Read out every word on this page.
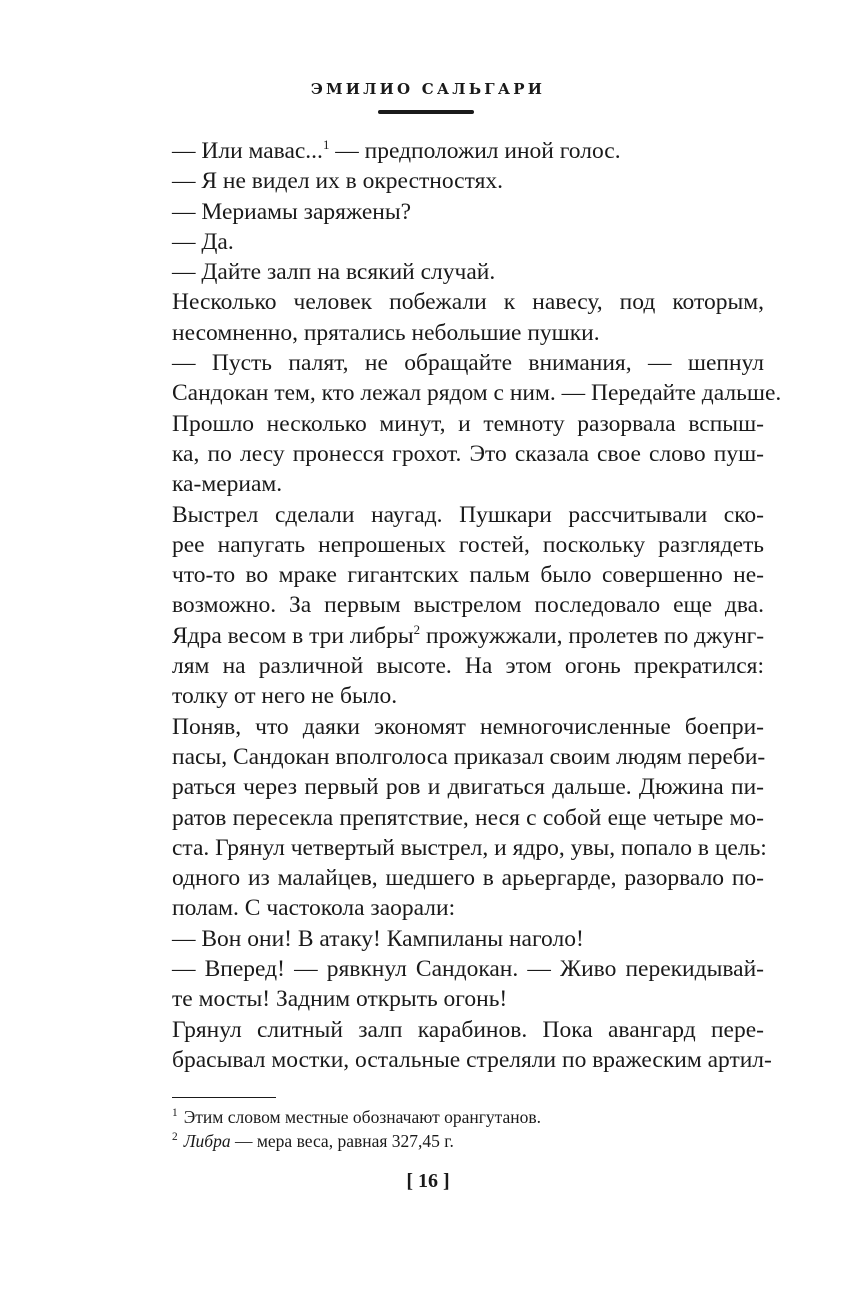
ЭМИЛИО САЛЬГАРИ
— Или мавас...$^1$ — предположил иной голос.
— Я не видел их в окрестностях.
— Мериамы заряжены?
— Да.
— Дайте залп на всякий случай.
Несколько человек побежали к навесу, под которым,
несомненно, прятались небольшие пушки.
— Пусть палят, не обращайте внимания, — шепнул
Сандокан тем, кто лежал рядом с ним. — Передайте дальше.
Прошло несколько минут, и темноту разорвала вспыш-
ка, по лесу пронесся грохот. Это сказала свое слово пуш-
ка-мериам.
Выстрел сделали наугад. Пушкари рассчитывали ско-
рее напугать непрошеных гостей, поскольку разглядеть
что-то во мраке гигантских пальм было совершенно не-
возможно. За первым выстрелом последовало еще два.
Ядра весом в три либры$^2$ прожужжали, пролетев по джунг-
лям на различной высоте. На этом огонь прекратился:
толку от него не было.
Поняв, что даяки экономят немногочисленные боепри-
пасы, Сандокан вполголоса приказал своим людям переби-
раться через первый ров и двигаться дальше. Дюжина пи-
ратов пересекла препятствие, неся с собой еще четыре мо-
ста. Грянул четвертый выстрел, и ядро, увы, попало в цель:
одного из малайцев, шедшего в арьергарде, разорвало по-
полам. С частокола заорали:
— Вон они! В атаку! Кампиланы наголо!
— Вперед! — рявкнул Сандокан. — Живо перекидывай-
те мосты! Задним открыть огонь!
Грянул слитный залп карабинов. Пока авангард пере-
брасывал мостки, остальные стреляли по вражеским артил-
$^1$ Этим словом местные обозначают орангутанов.
$^2$ Либра — мера веса, равная 327,45 г.
[ 16 ]
